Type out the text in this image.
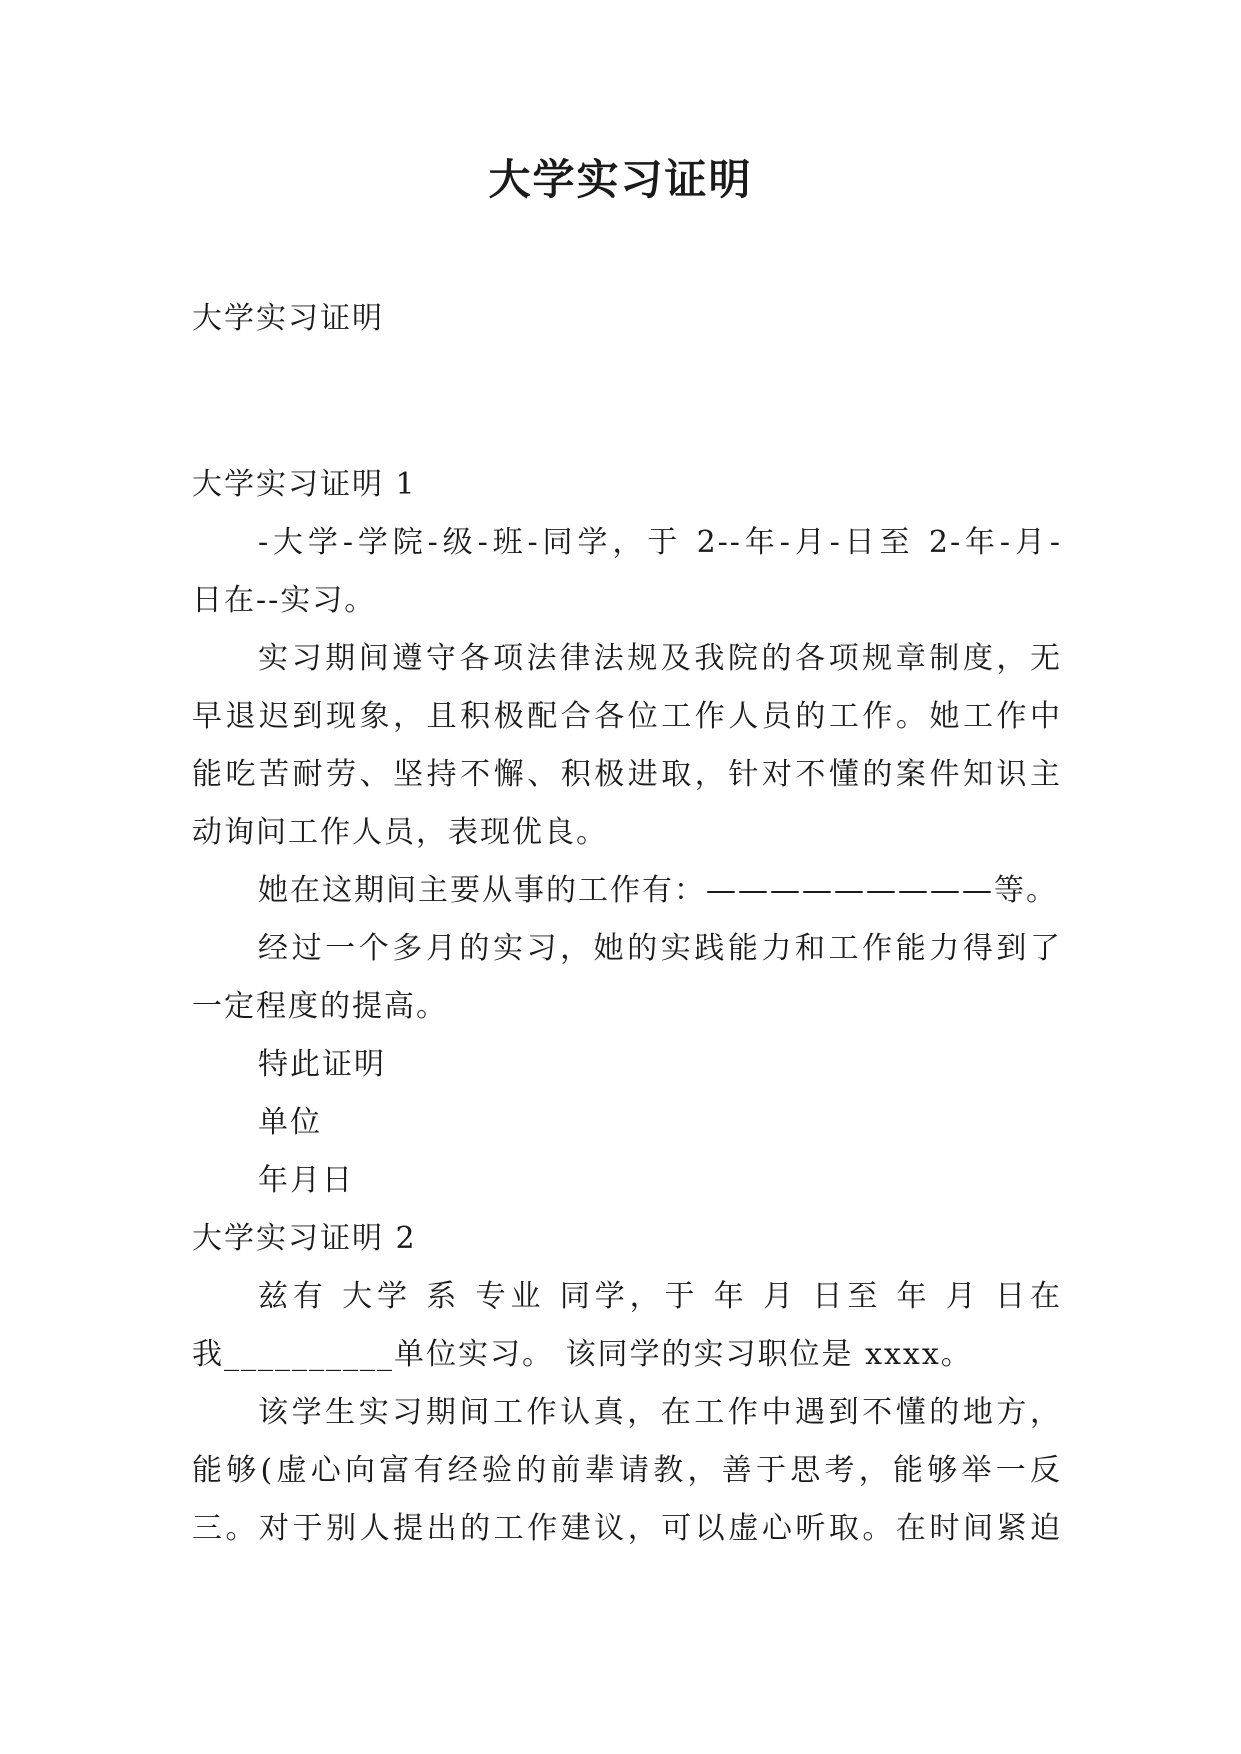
大学实习证明
大学实习证明
大学实习证明 1
-大学-学院-级-班-同学，于 2--年-月-日至 2-年-月-
日在--实习。
实习期间遵守各项法律法规及我院的各项规章制度，无
早退迟到现象，且积极配合各位工作人员的工作。她工作中
能吃苦耐劳、坚持不懈、积极进取，针对不懂的案件知识主
动询问工作人员，表现优良。
她在这期间主要从事的工作有：—————————等。
经过一个多月的实习，她的实践能力和工作能力得到了
一定程度的提高。
特此证明
单位
年月日
大学实习证明 2
兹有 大学 系 专业 同学，于 年 月 日至 年 月 日在
我__________单位实习。 该同学的实习职位是 xxxx。
该学生实习期间工作认真，在工作中遇到不懂的地方，
能够(虚心向富有经验的前辈请教，善于思考，能够举一反
三。对于别人提出的工作建议，可以虚心听取。在时间紧迫
